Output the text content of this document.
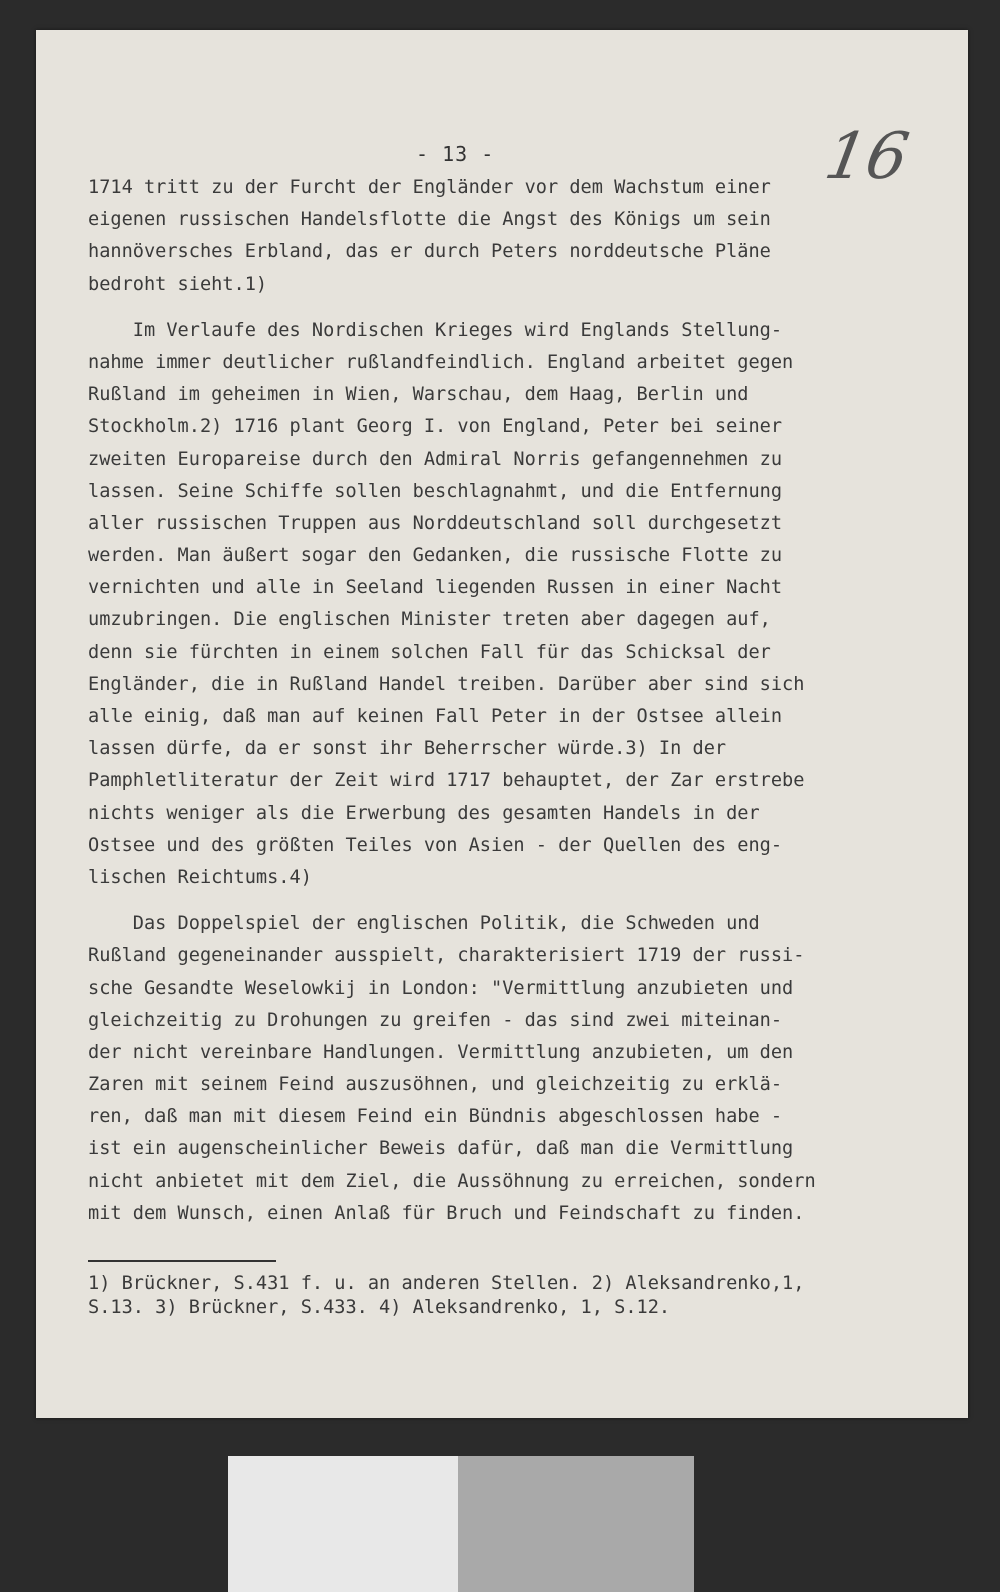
- 13 -	16
1714 tritt zu der Furcht der Engländer vor dem Wachstum einer
eigenen russischen Handelsflotte die Angst des Königs um sein
hannöversches Erbland, das er durch Peters norddeutsche Pläne
bedroht sieht.1)
Im Verlaufe des Nordischen Krieges wird Englands Stellung-
nahme immer deutlicher rußlandfeindlich. England arbeitet gegen
Rußland im geheimen in Wien, Warschau, dem Haag, Berlin und
Stockholm.2) 1716 plant Georg I. von England, Peter bei seiner
zweiten Europareise durch den Admiral Norris gefangennehmen zu
lassen. Seine Schiffe sollen beschlagnahmt, und die Entfernung
aller russischen Truppen aus Norddeutschland soll durchgesetzt
werden. Man äußert sogar den Gedanken, die russische Flotte zu
vernichten und alle in Seeland liegenden Russen in einer Nacht
umzubringen. Die englischen Minister treten aber dagegen auf,
denn sie fürchten in einem solchen Fall für das Schicksal der
Engländer, die in Rußland Handel treiben. Darüber aber sind sich
alle einig, daß man auf keinen Fall Peter in der Ostsee allein
lassen dürfe, da er sonst ihr Beherrscher würde.3) In der
Pamphletliteratur der Zeit wird 1717 behauptet, der Zar erstrebe
nichts weniger als die Erwerbung des gesamten Handels in der
Ostsee und des größten Teiles von Asien - der Quellen des eng-
lischen Reichtums.4)
Das Doppelspiel der englischen Politik, die Schweden und
Rußland gegeneinander ausspielt, charakterisiert 1719 der russi-
sche Gesandte Weselowkij in London: "Vermittlung anzubieten und
gleichzeitig zu Drohungen zu greifen - das sind zwei miteinan-
der nicht vereinbare Handlungen. Vermittlung anzubieten, um den
Zaren mit seinem Feind auszusöhnen, und gleichzeitig zu erklä-
ren, daß man mit diesem Feind ein Bündnis abgeschlossen habe -
ist ein augenscheinlicher Beweis dafür, daß man die Vermittlung
nicht anbietet mit dem Ziel, die Aussöhnung zu erreichen, sondern
mit dem Wunsch, einen Anlaß für Bruch und Feindschaft zu finden.
1) Brückner, S.431 f. u. an anderen Stellen. 2) Aleksandrenko,1,
S.13. 3) Brückner, S.433. 4) Aleksandrenko, 1, S.12.
